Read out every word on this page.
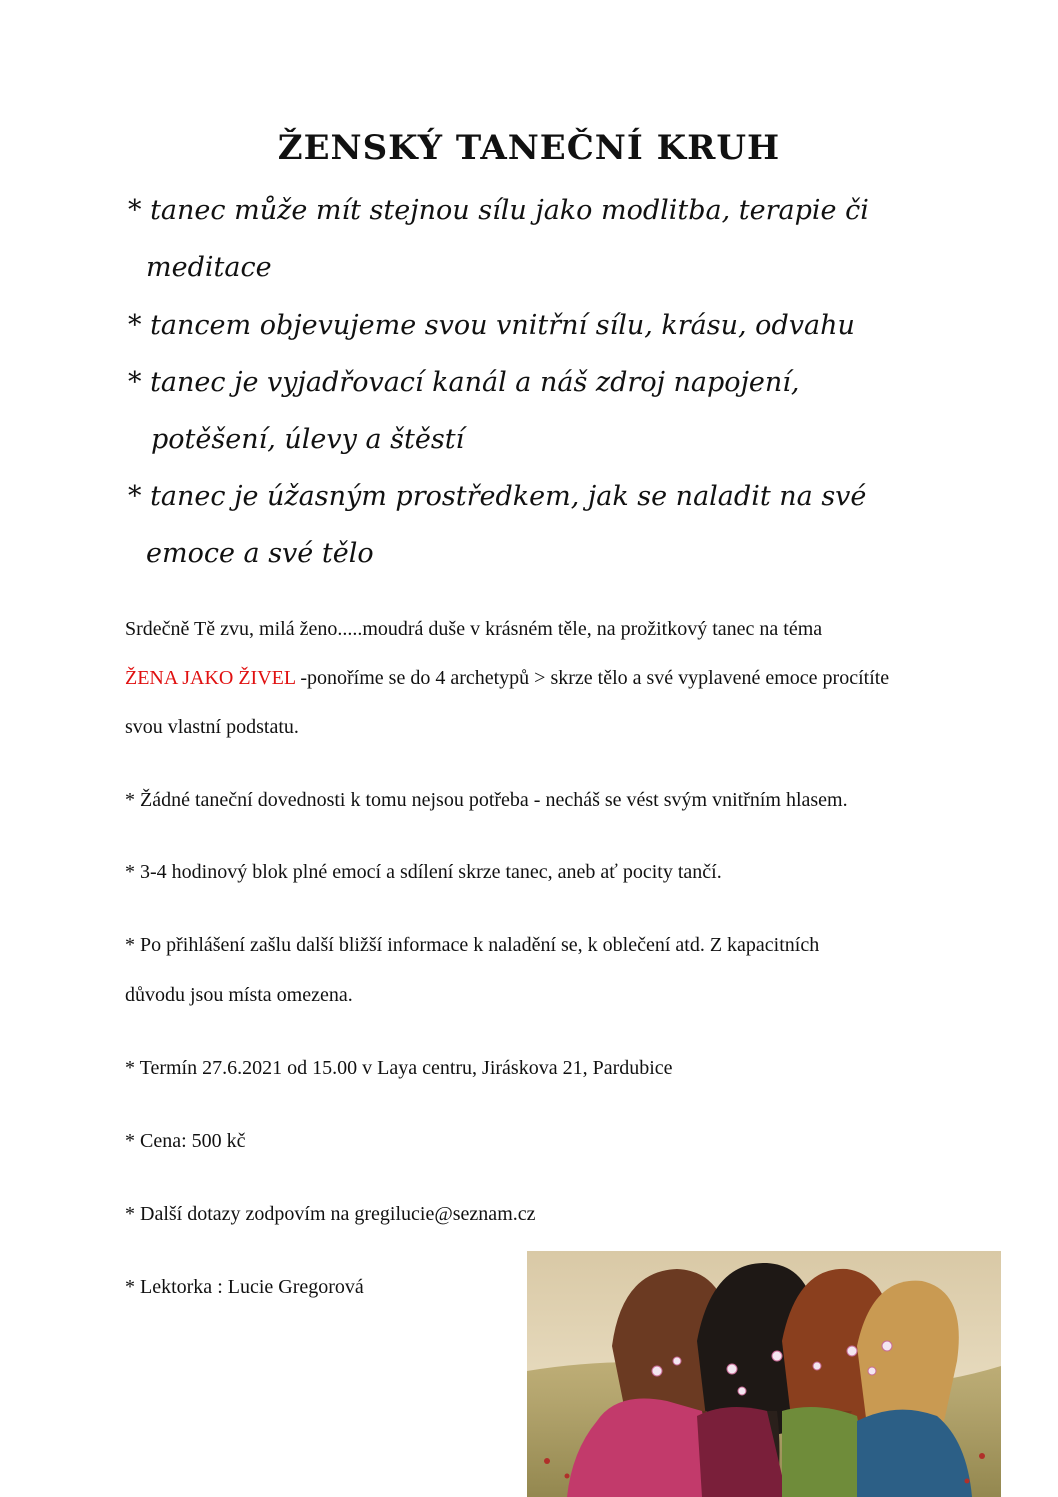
ŽENSKÝ TANEČNÍ KRUH
* tanec může mít stejnou sílu jako modlitba, terapie či
meditace
* tancem objevujeme svou vnitřní sílu, krásu, odvahu
* tanec je vyjadřovací kanál a náš zdroj napojení,
potěšení, úlevy a štěstí
* tanec je úžasným prostředkem, jak se naladit na své
emoce a své tělo
Srdečně Tě zvu, milá ženo.....moudrá duše v krásném těle, na prožitkový tanec na téma
ŽENA JAKO ŽIVEL -ponoříme se do 4 archetypů > skrze tělo a své vyplavené emoce procítíte
svou vlastní podstatu.
* Žádné taneční dovednosti k tomu nejsou potřeba - necháš se vést svým vnitřním hlasem.
* 3-4 hodinový blok plné emocí a sdílení skrze tanec, aneb ať pocity tančí.
* Po přihlášení zašlu další bližší informace k naladění se, k oblečení atd. Z kapacitních
důvodu jsou místa omezena.
* Termín 27.6.2021 od 15.00 v Laya centru, Jiráskova 21, Pardubice
* Cena: 500 kč
* Další dotazy zodpovím na gregilucie@seznam.cz
* Lektorka : Lucie Gregorová
